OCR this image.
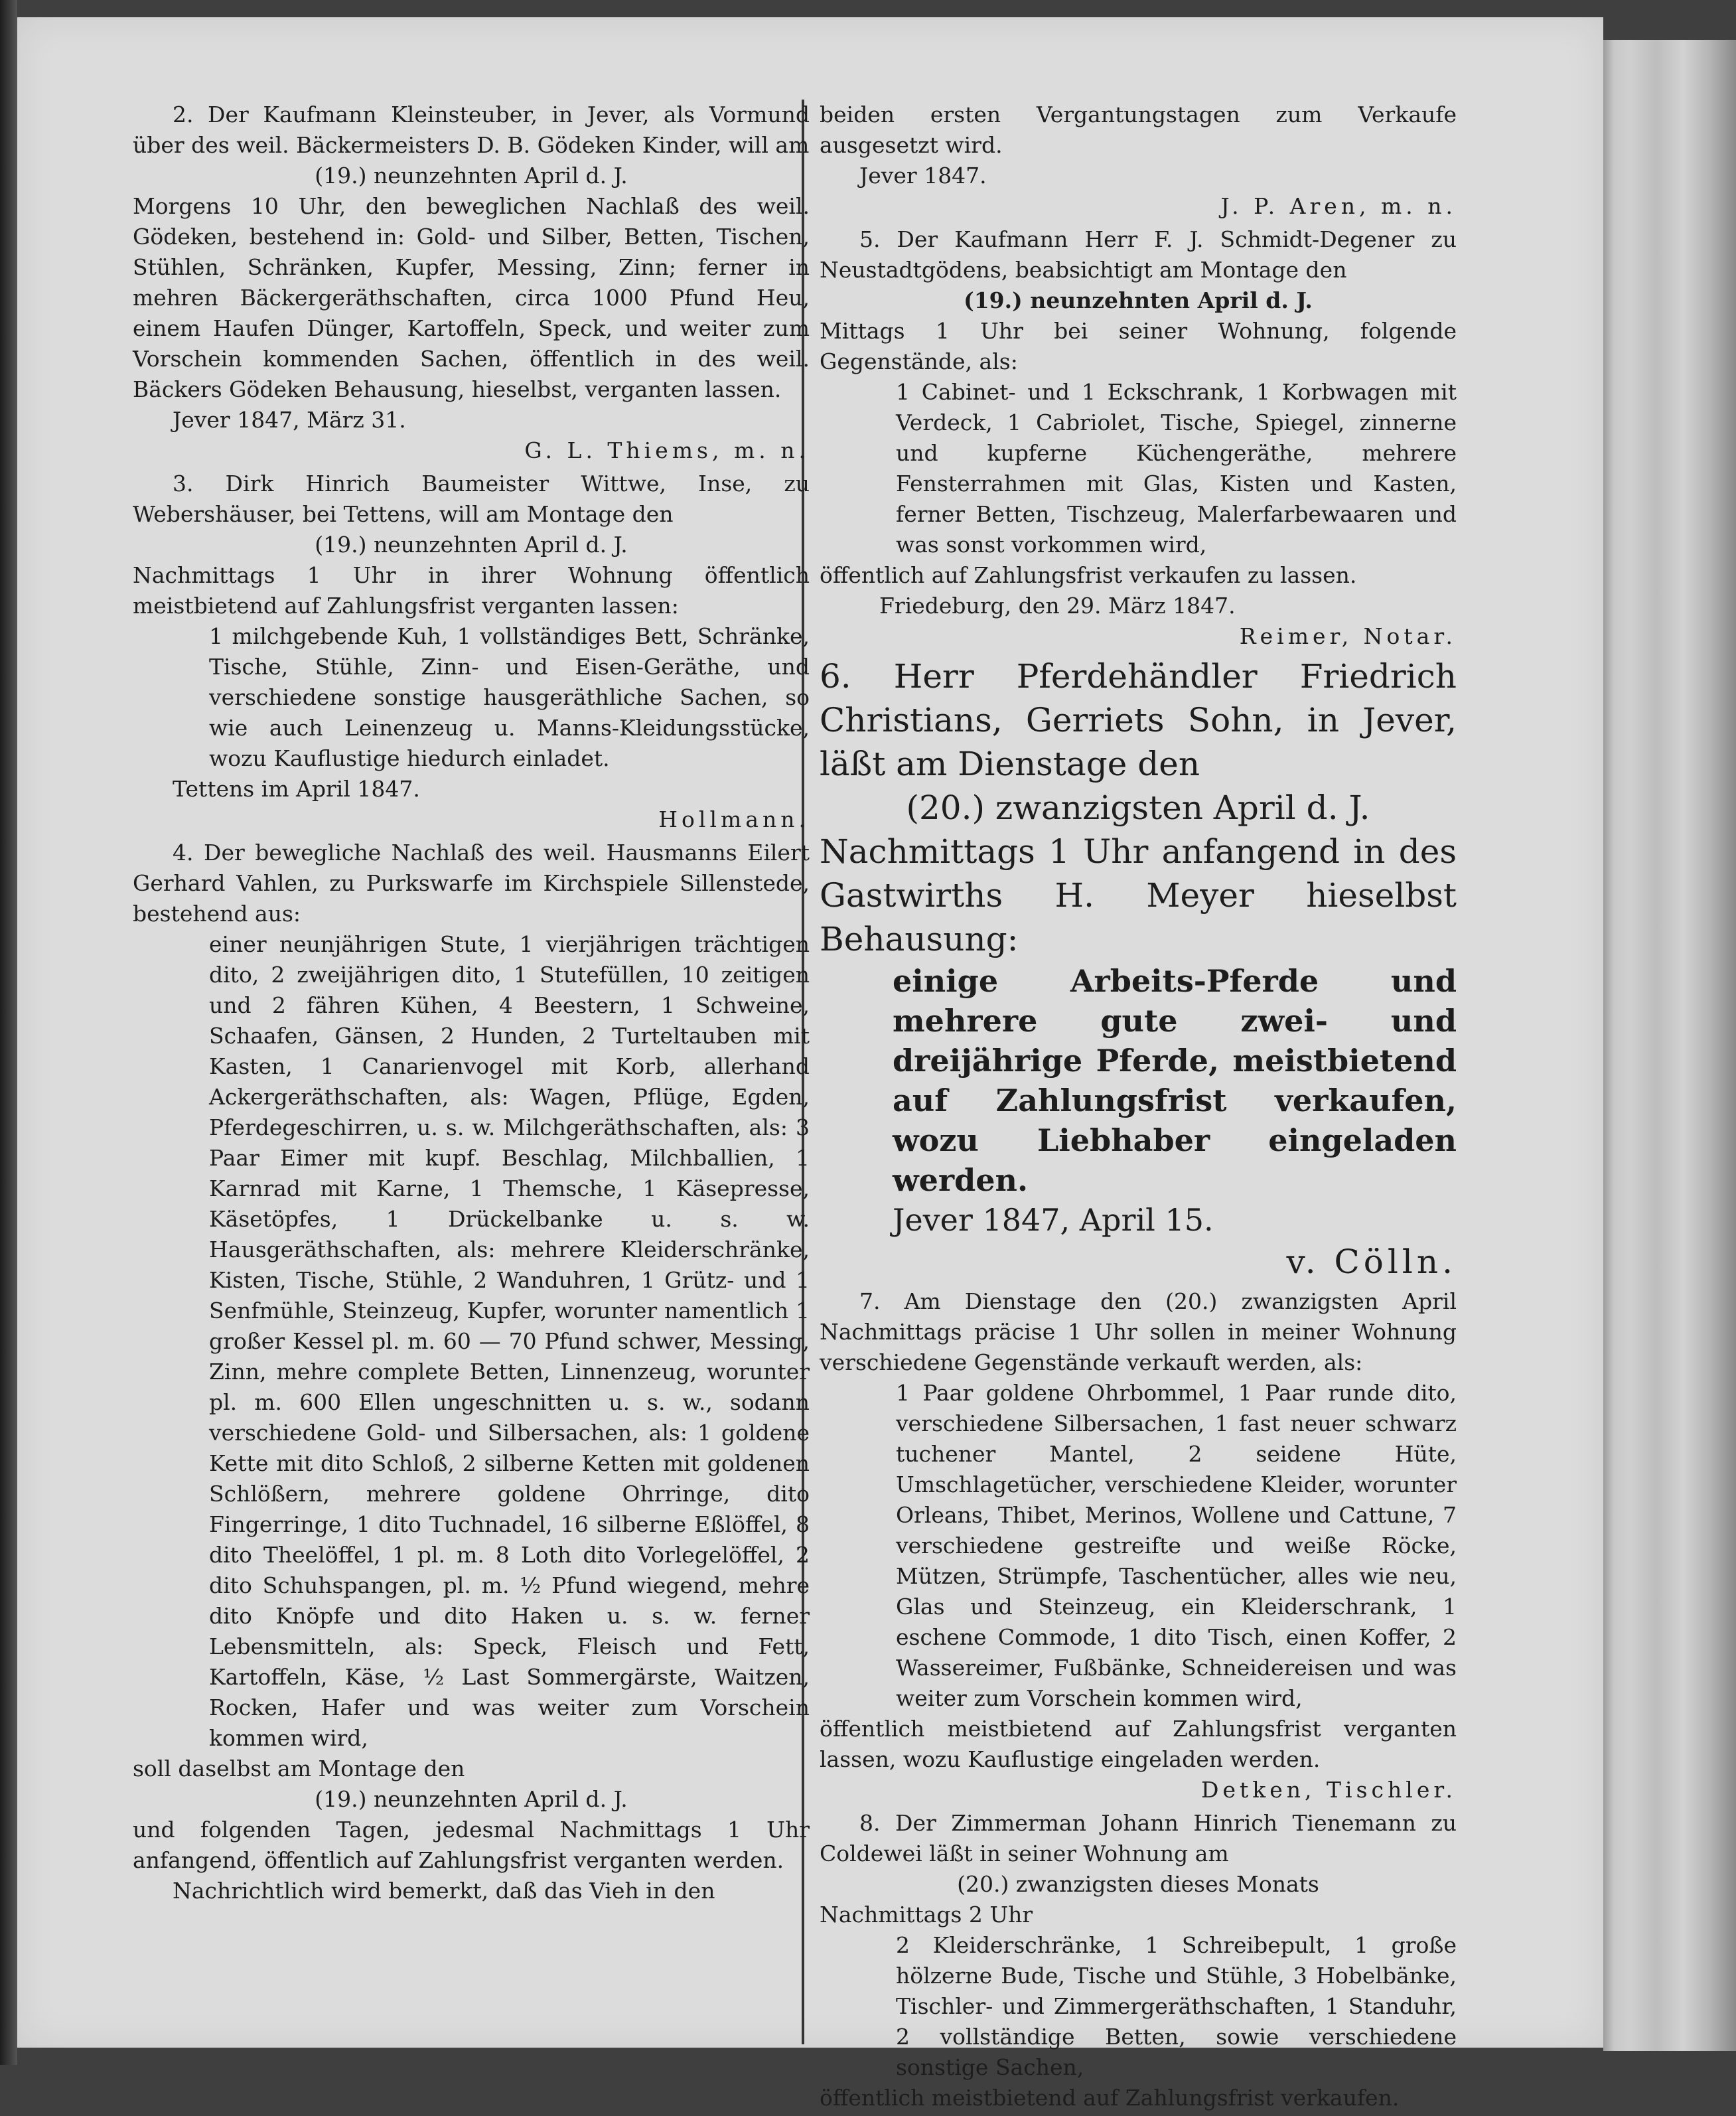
2. Der Kaufmann Kleinsteuber, in Jever, als Vormund über des weil. Bäckermeisters D. B. Gödeken Kinder, will am

(19.) neunzehnten April d. J.

Morgens 10 Uhr, den beweglichen Nachlaß des weil. Gödeken, bestehend in: Gold- und Silber, Betten, Tischen, Stühlen, Schränken, Kupfer, Messing, Zinn; ferner in mehren Bäckergeräthschaften, circa 1000 Pfund Heu, einem Haufen Dünger, Kartoffeln, Speck, und weiter zum Vorschein kommenden Sachen, öffentlich in des weil. Bäckers Gödeken Behausung, hieselbst, verganten lassen.

Jever 1847, März 31.

G. L. Thiems, m. n.

3. Dirk Hinrich Baumeister Wittwe, Inse, zu Webershäuser, bei Tettens, will am Montage den

(19.) neunzehnten April d. J.

Nachmittags 1 Uhr in ihrer Wohnung öffentlich meistbietend auf Zahlungsfrist verganten lassen:

1 milchgebende Kuh, 1 vollständiges Bett, Schränke, Tische, Stühle, Zinn- und Eisen-Geräthe, und verschiedene sonstige hausgeräthliche Sachen, so wie auch Leinenzeug u. Manns-Kleidungsstücke, wozu Kauflustige hiedurch einladet.

Tettens im April 1847.

Hollmann.

4. Der bewegliche Nachlaß des weil. Hausmanns Eilert Gerhard Vahlen, zu Purkswarfe im Kirchspiele Sillenstede, bestehend aus:

einer neunjährigen Stute, 1 vierjährigen trächtigen dito, 2 zweijährigen dito, 1 Stutefüllen, 10 zeitigen und 2 fähren Kühen, 4 Beestern, 1 Schweine, Schaafen, Gänsen, 2 Hunden, 2 Turteltauben mit Kasten, 1 Canarienvogel mit Korb, allerhand Ackergeräthschaften, als: Wagen, Pflüge, Egden, Pferdegeschirren, u. s. w. Milchgeräthschaften, als: 3 Paar Eimer mit kupf. Beschlag, Milchballien, 1 Karnrad mit Karne, 1 Themsche, 1 Käsepresse, Käsetöpfes, 1 Drückelbanke u. s. w. Hausgeräthschaften, als: mehrere Kleiderschränke, Kisten, Tische, Stühle, 2 Wanduhren, 1 Grütz- und 1 Senfmühle, Steinzeug, Kupfer, worunter namentlich 1 großer Kessel pl. m. 60 — 70 Pfund schwer, Messing, Zinn, mehre complete Betten, Linnenzeug, worunter pl. m. 600 Ellen ungeschnitten u. s. w., sodann verschiedene Gold- und Silbersachen, als: 1 goldene Kette mit dito Schloß, 2 silberne Ketten mit goldenen Schlößern, mehrere goldene Ohrringe, dito Fingerringe, 1 dito Tuchnadel, 16 silberne Eßlöffel, 8 dito Theelöffel, 1 pl. m. 8 Loth dito Vorlegelöffel, 2 dito Schuhspangen, pl. m. ½ Pfund wiegend, mehre dito Knöpfe und dito Haken u. s. w. ferner Lebensmitteln, als: Speck, Fleisch und Fett, Kartoffeln, Käse, ½ Last Sommergärste, Waitzen, Rocken, Hafer und was weiter zum Vorschein kommen wird,

soll daselbst am Montage den

(19.) neunzehnten April d. J.

und folgenden Tagen, jedesmal Nachmittags 1 Uhr anfangend, öffentlich auf Zahlungsfrist verganten werden.

Nachrichtlich wird bemerkt, daß das Vieh in den

beiden ersten Vergantungstagen zum Verkaufe ausgesetzt wird.

Jever 1847.

J. P. Aren, m. n.

5. Der Kaufmann Herr F. J. Schmidt-Degener zu Neustadtgödens, beabsichtigt am Montage den

(19.) neunzehnten April d. J.

Mittags 1 Uhr bei seiner Wohnung, folgende Gegenstände, als:

1 Cabinet- und 1 Eckschrank, 1 Korbwagen mit Verdeck, 1 Cabriolet, Tische, Spiegel, zinnerne und kupferne Küchengeräthe, mehrere Fensterrahmen mit Glas, Kisten und Kasten, ferner Betten, Tischzeug, Malerfarbewaaren und was sonst vorkommen wird,

öffentlich auf Zahlungsfrist verkaufen zu lassen.

Friedeburg, den 29. März 1847.

Reimer, Notar.

6. Herr Pferdehändler Friedrich Christians, Gerriets Sohn, in Jever, läßt am Dienstage den

(20.) zwanzigsten April d. J.

Nachmittags 1 Uhr anfangend in des Gastwirths H. Meyer hieselbst Behausung:

einige Arbeits-Pferde und mehrere gute zwei- und dreijährige Pferde, meistbietend auf Zahlungsfrist verkaufen, wozu Liebhaber eingeladen werden.

Jever 1847, April 15.

v. Cölln.

7. Am Dienstage den (20.) zwanzigsten April Nachmittags präcise 1 Uhr sollen in meiner Wohnung verschiedene Gegenstände verkauft werden, als:

1 Paar goldene Ohrbommel, 1 Paar runde dito, verschiedene Silbersachen, 1 fast neuer schwarz tuchener Mantel, 2 seidene Hüte, Umschlagetücher, verschiedene Kleider, worunter Orleans, Thibet, Merinos, Wollene und Cattune, 7 verschiedene gestreifte und weiße Röcke, Mützen, Strümpfe, Taschentücher, alles wie neu, Glas und Steinzeug, ein Kleiderschrank, 1 eschene Commode, 1 dito Tisch, einen Koffer, 2 Wassereimer, Fußbänke, Schneidereisen und was weiter zum Vorschein kommen wird,

öffentlich meistbietend auf Zahlungsfrist verganten lassen, wozu Kauflustige eingeladen werden.

Detken, Tischler.

8. Der Zimmerman Johann Hinrich Tienemann zu Coldewei läßt in seiner Wohnung am

(20.) zwanzigsten dieses Monats

Nachmittags 2 Uhr

2 Kleiderschränke, 1 Schreibepult, 1 große hölzerne Bude, Tische und Stühle, 3 Hobelbänke, Tischler- und Zimmergeräthschaften, 1 Standuhr, 2 vollständige Betten, sowie verschiedene sonstige Sachen,

öffentlich meistbietend auf Zahlungsfrist verkaufen.
